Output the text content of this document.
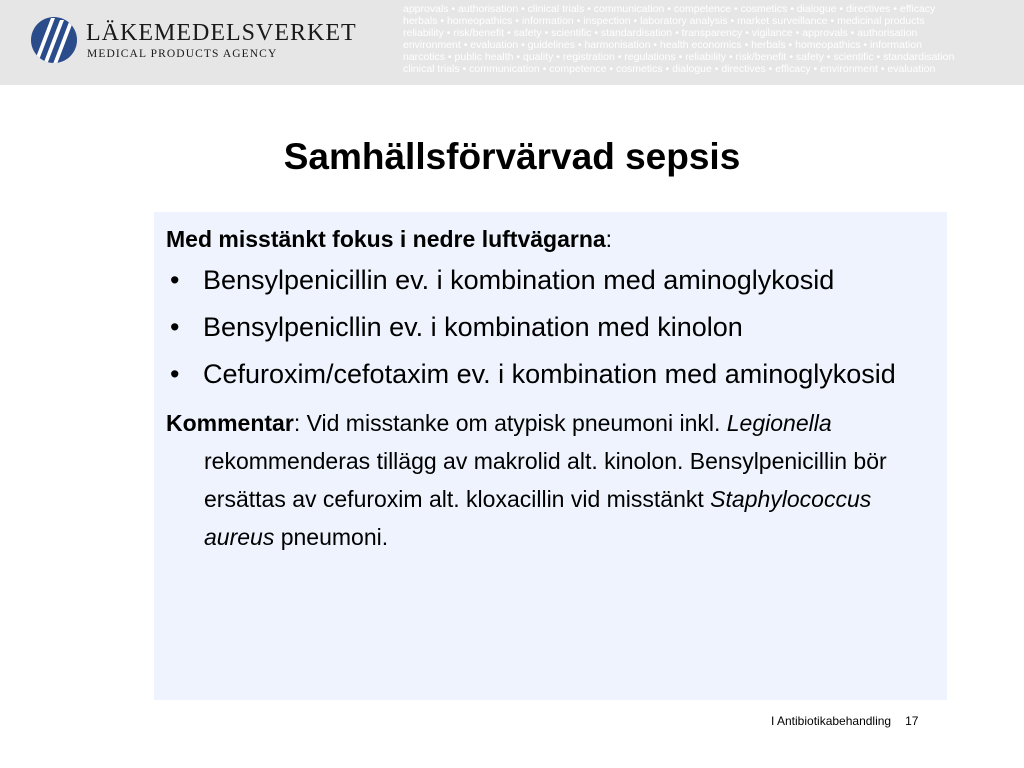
LÄKEMEDELSVERKET
MEDICAL PRODUCTS AGENCY
approvals • authorisation • clinical trials • communication • competence • cosmetics • dialogue • directives • efficacy
herbals • homeopathics • information • inspection • laboratory analysis • market surveillance • medicinal products
reliability • risk/benefit • safety • scientific • standardisation • transparency • vigilance • approvals • authorisation
environment • evaluation • guidelines • harmonisation • health economics • herbals • homeopathics • information
narcotics • public health • quality • registration • regulations • reliability • risk/benefit • safety • scientific • standardisation
clinical trials • communication • competence • cosmetics • dialogue • directives • efficacy • environment • evaluation
Samhällsförvärvad sepsis
Med misstänkt fokus i nedre luftvägarna:
• Bensylpenicillin ev. i kombination med aminoglykosid
• Bensylpenicllin ev. i kombination med kinolon
• Cefuroxim/cefotaxim ev. i kombination med aminoglykosid
Kommentar: Vid misstanke om atypisk pneumoni inkl. Legionella rekommenderas tillägg av makrolid alt. kinolon. Bensylpenicillin bör ersättas av cefuroxim alt. kloxacillin vid misstänkt Staphylococcus aureus pneumoni.
I Antibiotikabehandling 17
